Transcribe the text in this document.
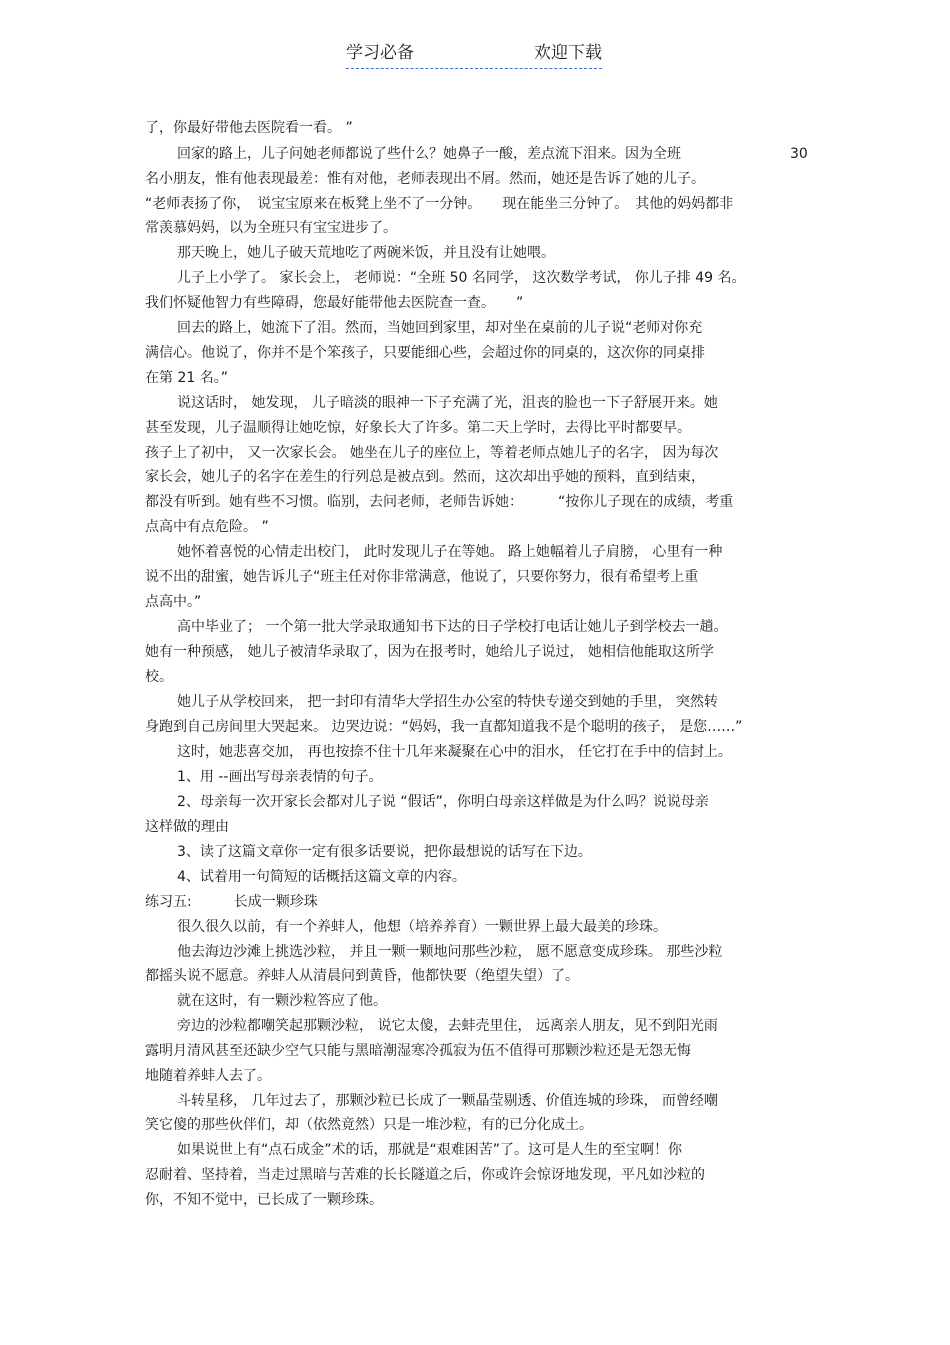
学习必备	欢迎下载
了，你最好带他去医院看一看。 ”
回家的路上，儿子问她老师都说了些什么？她鼻子一酸，差点流下泪来。因为全班	30
名小朋友，惟有他表现最差：惟有对他，老师表现出不屑。然而，她还是告诉了她的儿子。
“老师表扬了你，　说宝宝原来在板凳上坐不了一分钟。　　现在能坐三分钟了。　其他的妈妈都非
常羡慕妈妈，以为全班只有宝宝进步了。
那天晚上，她儿子破天荒地吃了两碗米饭，并且没有让她喂。
儿子上小学了。 家长会上， 老师说：“全班 50 名同学， 这次数学考试， 你儿子排 49 名。
我们怀疑他智力有些障碍，您最好能带他去医院查一查。　　”
回去的路上，她流下了泪。然而，当她回到家里，却对坐在桌前的儿子说“老师对你充
满信心。他说了，你并不是个笨孩子，只要能细心些，会超过你的同桌的，这次你的同桌排
在第 21 名。”
说这话时， 她发现， 儿子暗淡的眼神一下子充满了光，沮丧的脸也一下子舒展开来。她
甚至发现，儿子温顺得让她吃惊，好象长大了许多。第二天上学时，去得比平时都要早。
孩子上了初中， 又一次家长会。 她坐在儿子的座位上，等着老师点她儿子的名字， 因为每次
家长会，她儿子的名字在差生的行列总是被点到。然而，这次却出乎她的预料，直到结束，
都没有听到。她有些不习惯。临别，去问老师，老师告诉她：　　　“按你儿子现在的成绩，考重
点高中有点危险。 ”
她怀着喜悦的心情走出校门， 此时发现儿子在等她。 路上她幅着儿子肩膀， 心里有一种
说不出的甜蜜，她告诉儿子“班主任对你非常满意，他说了，只要你努力，很有希望考上重
点高中。”
高中毕业了； 一个第一批大学录取通知书下达的日子学校打电话让她儿子到学校去一趟。
她有一种预感， 她儿子被清华录取了，因为在报考时，她给儿子说过， 她相信他能取这所学
校。
她儿子从学校回来， 把一封印有清华大学招生办公室的特快专递交到她的手里， 突然转
身跑到自己房间里大哭起来。 边哭边说：“妈妈，我一直都知道我不是个聪明的孩子， 是您……”
这时，她悲喜交加， 再也按捺不住十几年来凝聚在心中的泪水， 任它打在手中的信封上。
1、用 --画出写母亲表情的句子。
2、母亲每一次开家长会都对儿子说 “假话”，你明白母亲这样做是为什么吗？说说母亲
这样做的理由
3、读了这篇文章你一定有很多话要说，把你最想说的话写在下边。
4、试着用一句简短的话概括这篇文章的内容。
练习五:　　　长成一颗珍珠
很久很久以前，有一个养蚌人，他想（培养养育）一颗世界上最大最美的珍珠。
他去海边沙滩上挑选沙粒， 并且一颗一颗地问那些沙粒， 愿不愿意变成珍珠。 那些沙粒
都摇头说不愿意。养蚌人从清晨问到黄昏，他都快要（绝望失望）了。
就在这时，有一颗沙粒答应了他。
旁边的沙粒都嘲笑起那颗沙粒， 说它太傻，去蚌壳里住， 远离亲人朋友，见不到阳光雨
露明月清风甚至还缺少空气只能与黑暗潮湿寒冷孤寂为伍不值得可那颗沙粒还是无怨无悔
地随着养蚌人去了。
斗转星移， 几年过去了，那颗沙粒已长成了一颗晶莹剔透、价值连城的珍珠， 而曾经嘲
笑它傻的那些伙伴们，却（依然竟然）只是一堆沙粒，有的已分化成土。
如果说世上有“点石成金”术的话，那就是“艰难困苦”了。这可是人生的至宝啊！你
忍耐着、坚持着，当走过黑暗与苦难的长长隧道之后，你或许会惊讶地发现，平凡如沙粒的
你，不知不觉中，已长成了一颗珍珠。
